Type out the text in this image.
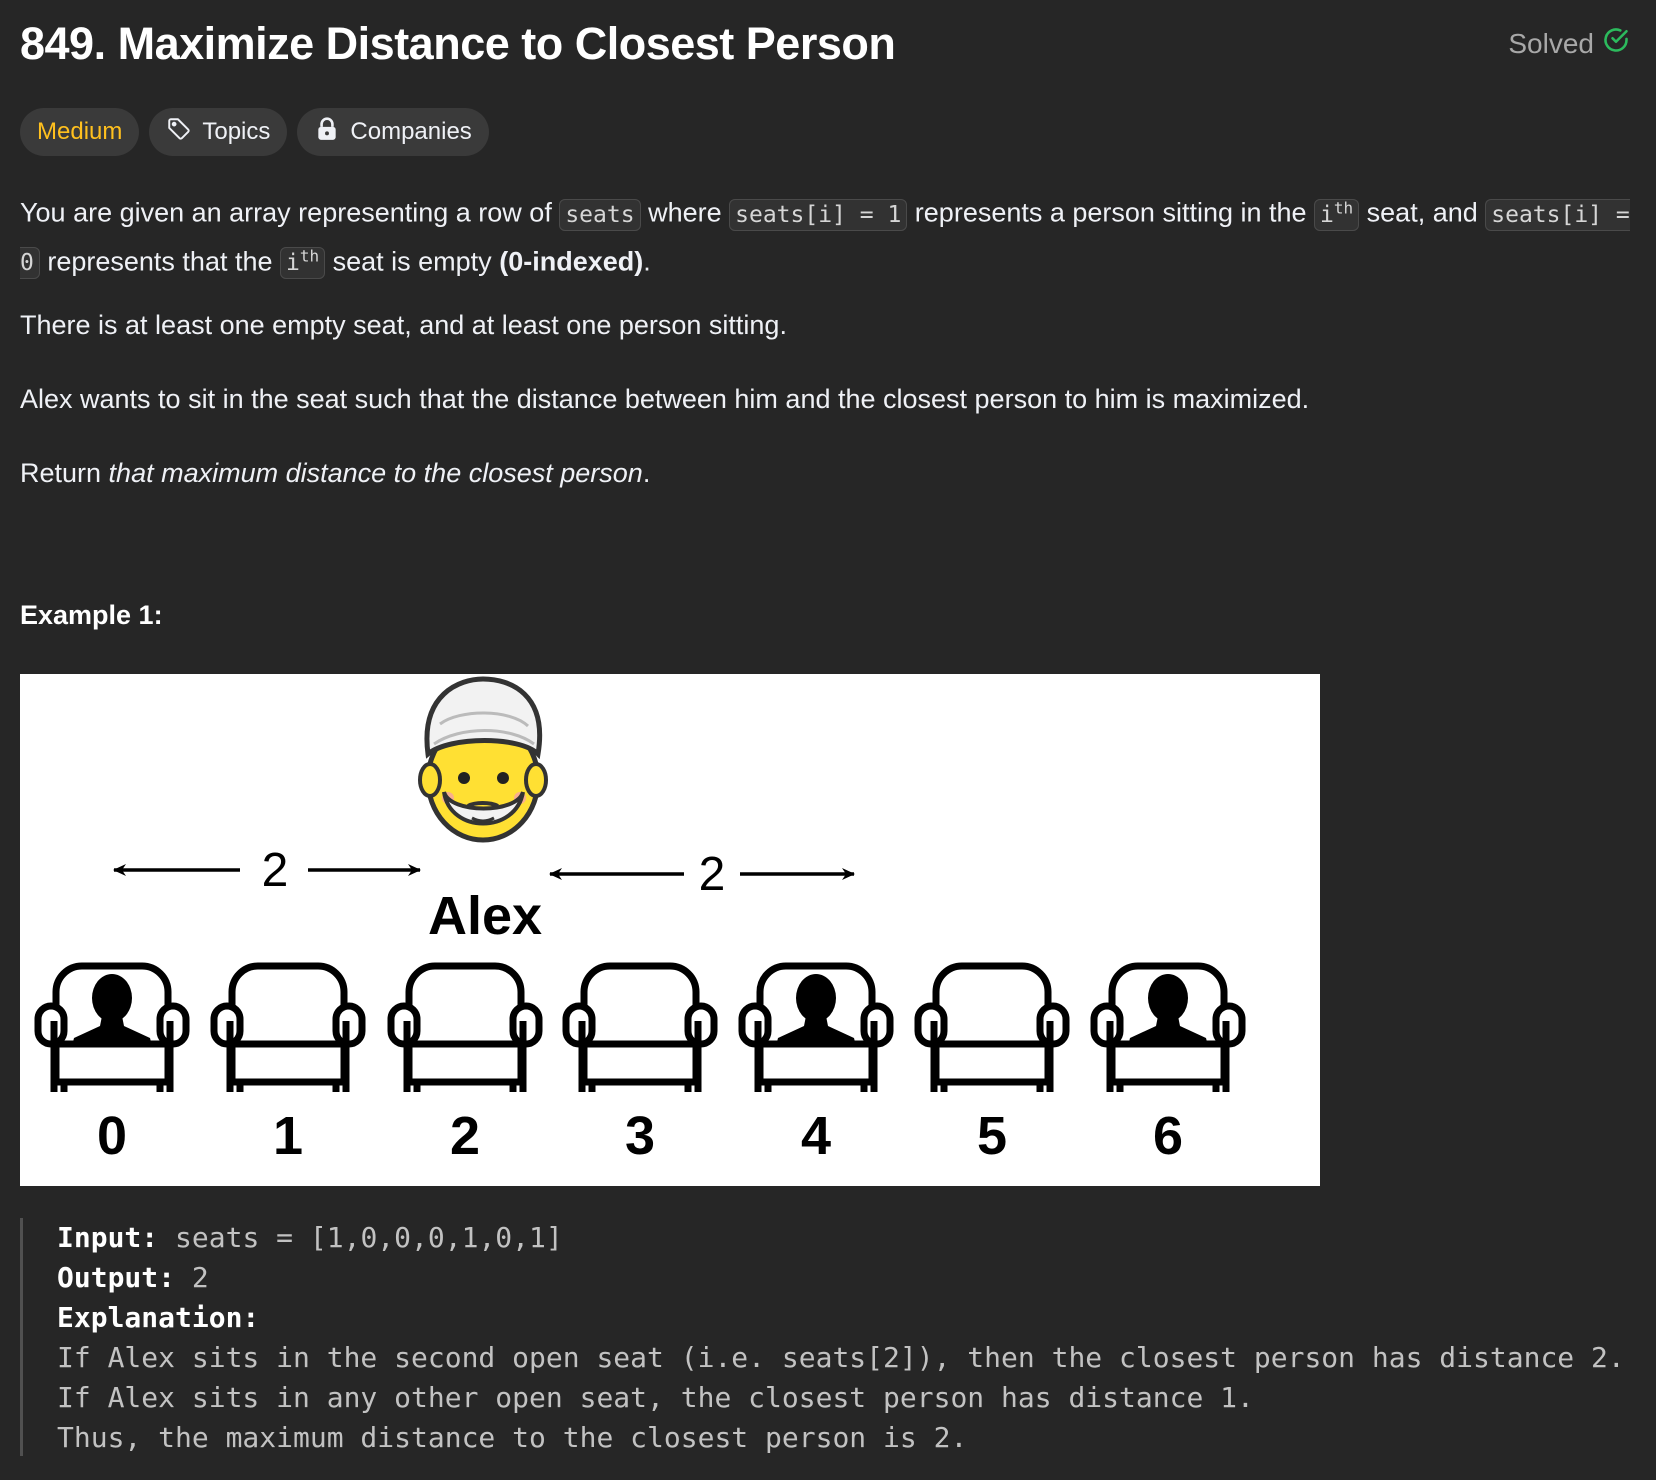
849. Maximize Distance to Closest Person	Solved
Medium	Topics	Companies
You are given an array representing a row of seats where seats[i] = 1 represents a person sitting in the $i^{th}$ seat, and seats[i] = 0 represents that the $i^{th}$ seat is empty (0-indexed).
There is at least one empty seat, and at least one person sitting.
Alex wants to sit in the seat such that the distance between him and the closest person to him is maximized.
Return that maximum distance to the closest person.
Example 1:
2	2
Alex
0	1	2	3	4	5	6
Input: seats = [1,0,0,0,1,0,1]
Output: 2
Explanation:
If Alex sits in the second open seat (i.e. seats[2]), then the closest person has distance 2.
If Alex sits in any other open seat, the closest person has distance 1.
Thus, the maximum distance to the closest person is 2.
